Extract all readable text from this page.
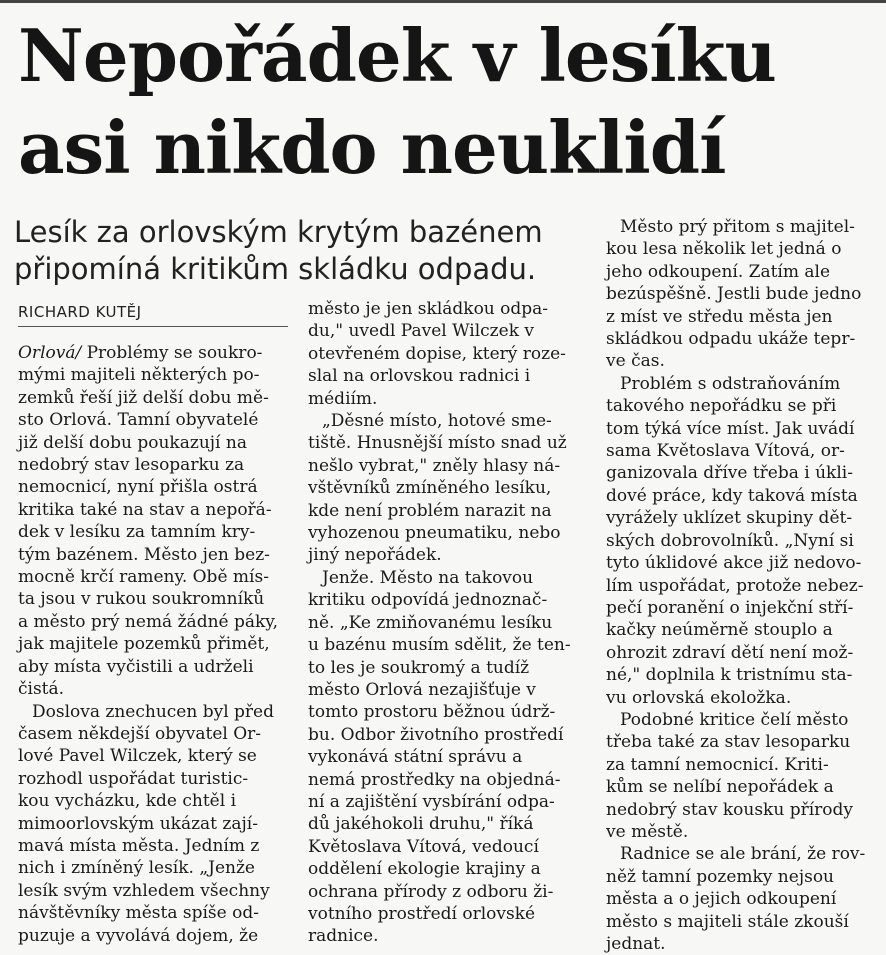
Nepořádek v lesíku
asi nikdo neuklidí
Lesík za orlovským krytým bazénem
připomíná kritikům skládku odpadu.
RICHARD KUTĚJ
Orlová/ Problémy se soukro-
mými majiteli některých po-
zemků řeší již delší dobu mě-
sto Orlová. Tamní obyvatelé
již delší dobu poukazují na
nedobrý stav lesoparku za
nemocnicí, nyní přišla ostrá
kritika také na stav a nepořá-
dek v lesíku za tamním kry-
tým bazénem. Město jen bez-
mocně krčí rameny. Obě mís-
ta jsou v rukou soukromníků
a město prý nemá žádné páky,
jak majitele pozemků přimět,
aby místa vyčistili a udrželi
čistá.
Doslova znechucen byl před
časem někdejší obyvatel Or-
lové Pavel Wilczek, který se
rozhodl uspořádat turistic-
kou vycházku, kde chtěl i
mimoorlovským ukázat zají-
mavá místa města. Jedním z
nich i zmíněný lesík. „Jenže
lesík svým vzhledem všechny
návštěvníky města spíše od-
puzuje a vyvolává dojem, že
město je jen skládkou odpa-
du," uvedl Pavel Wilczek v
otevřeném dopise, který roze-
slal na orlovskou radnici i
médiím.
„Děsné místo, hotové sme-
tiště. Hnusnější místo snad už
nešlo vybrat," zněly hlasy ná-
vštěvníků zmíněného lesíku,
kde není problém narazit na
vyhozenou pneumatiku, nebo
jiný nepořádek.
Jenže. Město na takovou
kritiku odpovídá jednoznač-
ně. „Ke zmiňovanému lesíku
u bazénu musím sdělit, že ten-
to les je soukromý a tudíž
město Orlová nezajišťuje v
tomto prostoru běžnou údrž-
bu. Odbor životního prostředí
vykonává státní správu a
nemá prostředky na objedná-
ní a zajištění vysbírání odpa-
dů jakéhokoli druhu," říká
Květoslava Vítová, vedoucí
oddělení ekologie krajiny a
ochrana přírody z odboru ži-
votního prostředí orlovské
radnice.
Město prý přitom s majitel-
kou lesa několik let jedná o
jeho odkoupení. Zatím ale
bezúspěšně. Jestli bude jedno
z míst ve středu města jen
skládkou odpadu ukáže tepr-
ve čas.
Problém s odstraňováním
takového nepořádku se při
tom týká více míst. Jak uvádí
sama Květoslava Vítová, or-
ganizovala dříve třeba i úkli-
dové práce, kdy taková místa
vyrážely uklízet skupiny dět-
ských dobrovolníků. „Nyní si
tyto úklidové akce již nedovo-
lím uspořádat, protože nebez-
pečí poranění o injekční stří-
kačky neúměrně stouplo a
ohrozit zdraví dětí není mož-
né," doplnila k tristnímu sta-
vu orlovská ekoložka.
Podobné kritice čelí město
třeba také za stav lesoparku
za tamní nemocnicí. Kriti-
kům se nelíbí nepořádek a
nedobrý stav kousku přírody
ve městě.
Radnice se ale brání, že rov-
něž tamní pozemky nejsou
města a o jejich odkoupení
město s majiteli stále zkouší
jednat.
